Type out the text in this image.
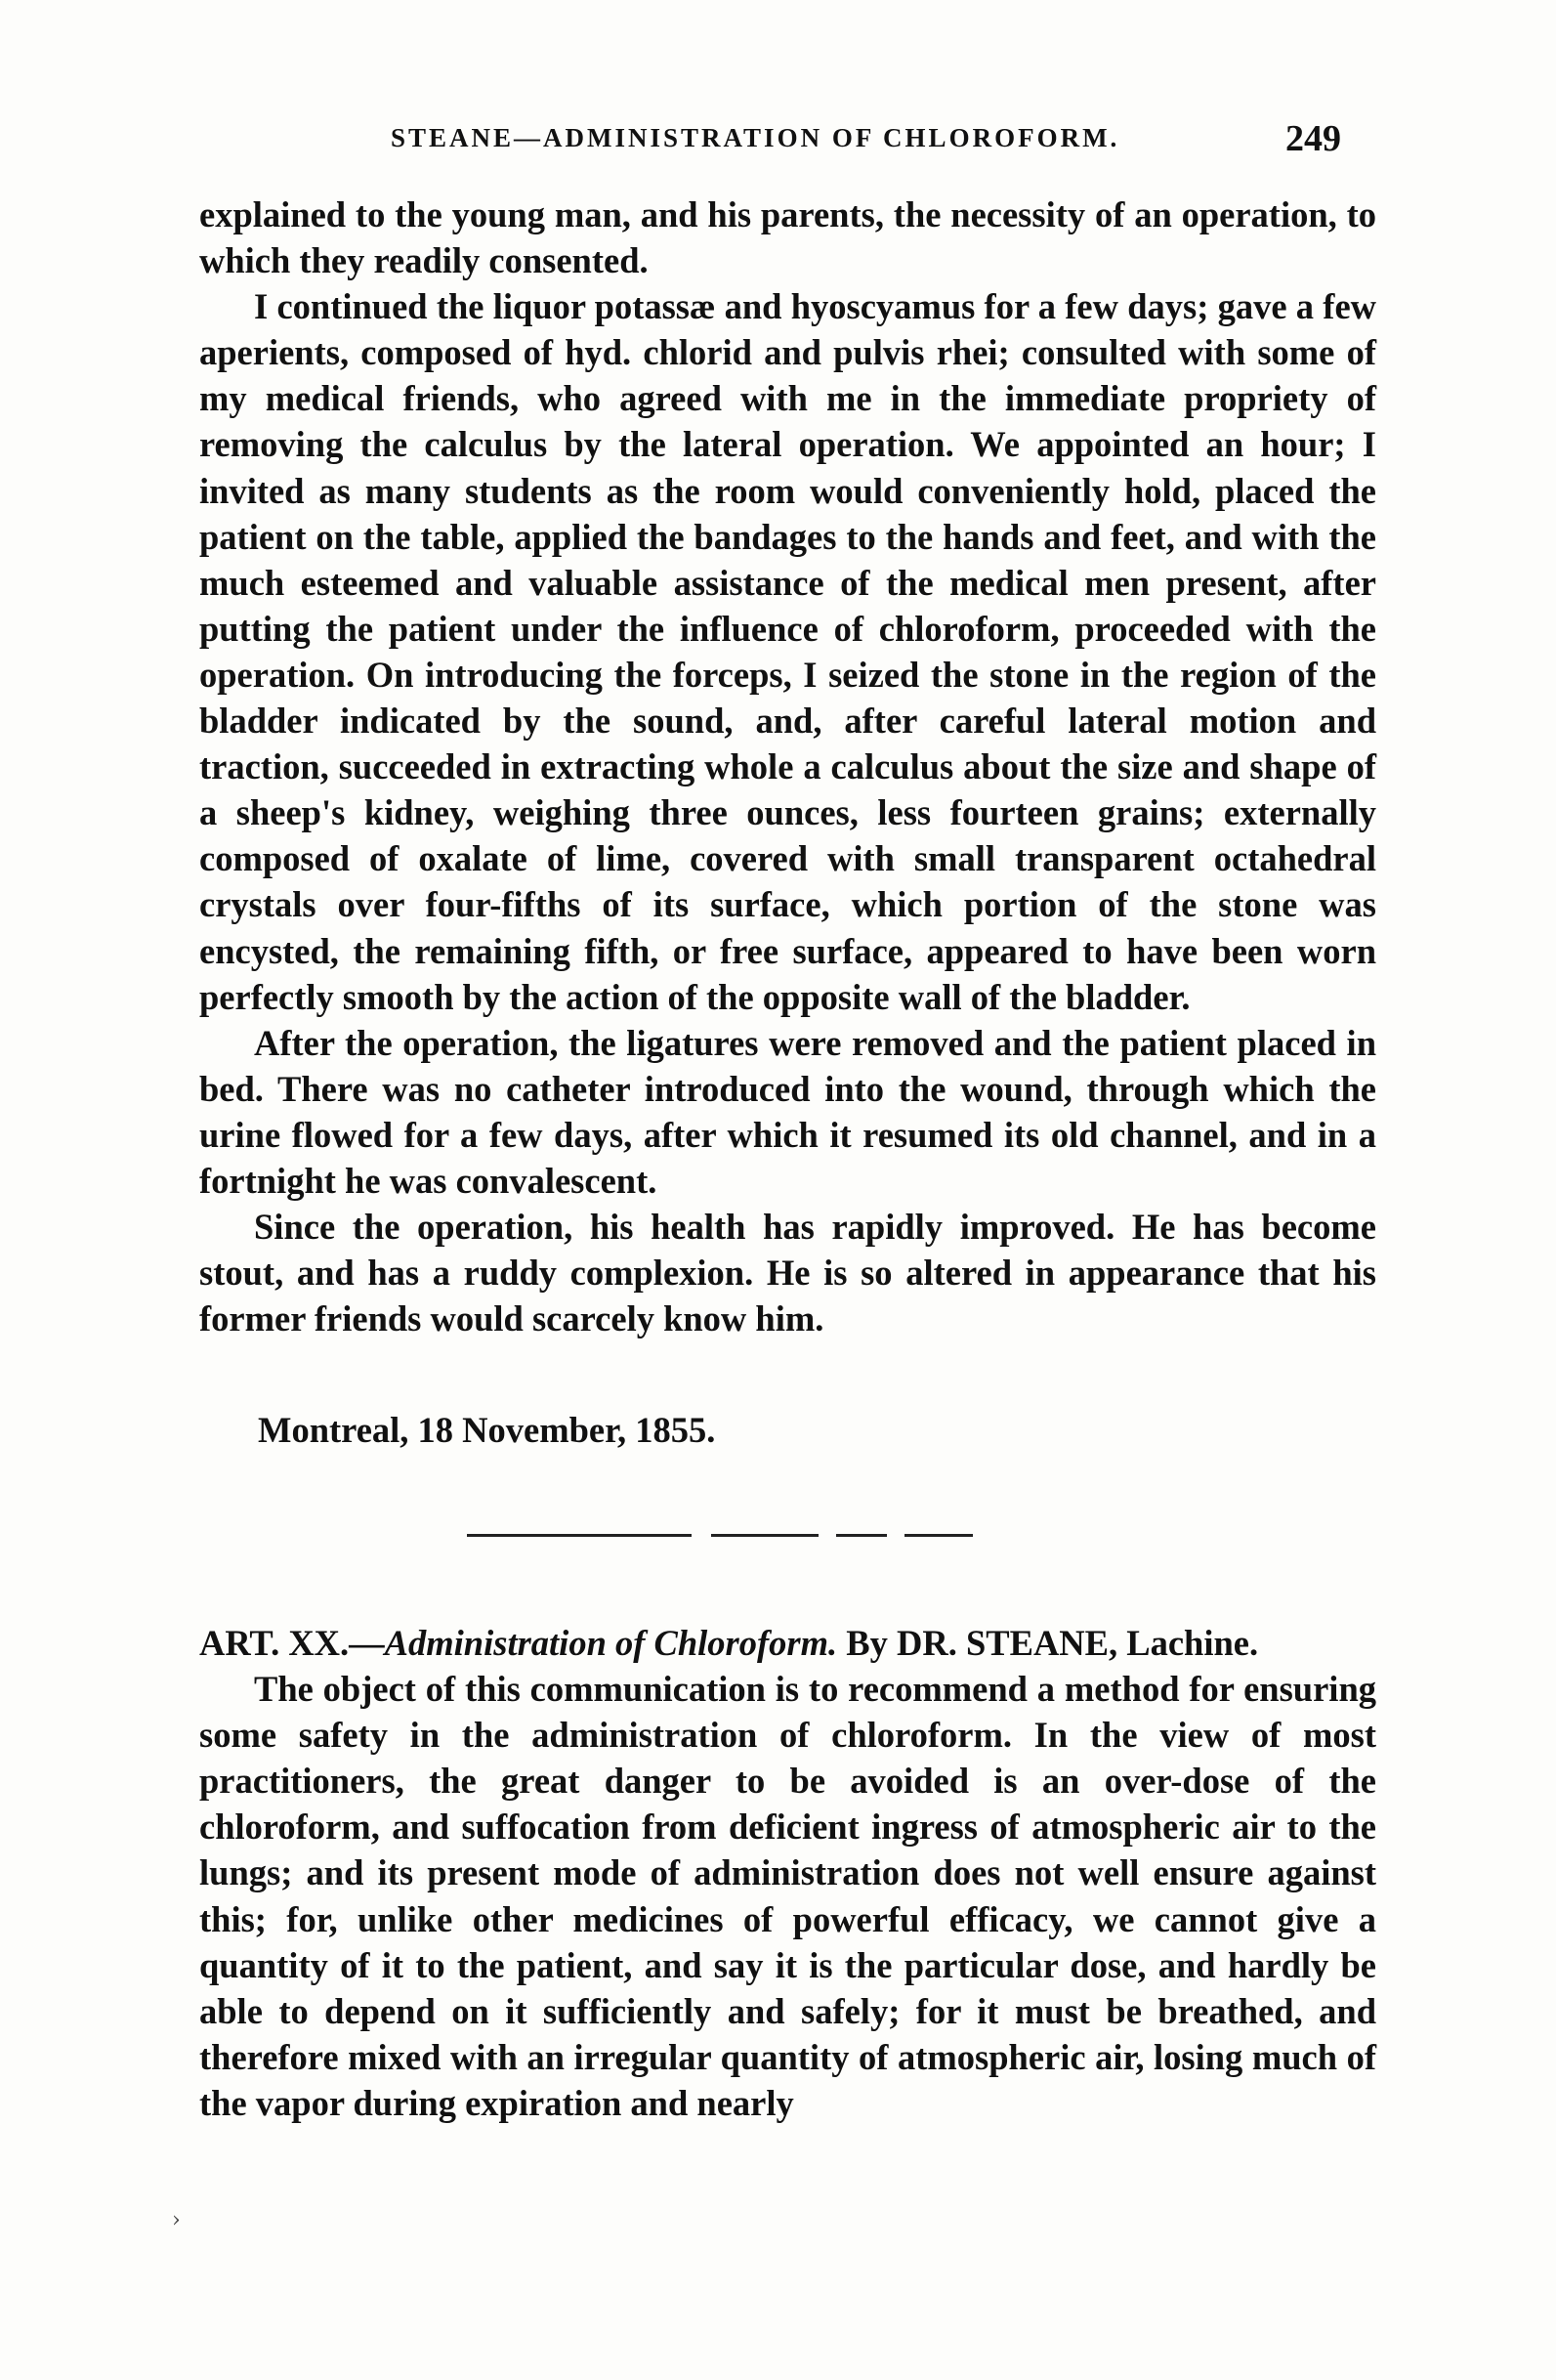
STEANE—ADMINISTRATION OF CHLOROFORM.	249

explained to the young man, and his parents, the necessity of an operation, to which they readily consented.

I continued the liquor potassæ and hyoscyamus for a few days; gave a few aperients, composed of hyd. chlorid and pulvis rhei; consulted with some of my medical friends, who agreed with me in the immediate propriety of removing the calculus by the lateral operation. We appointed an hour; I invited as many students as the room would conveniently hold, placed the patient on the table, applied the bandages to the hands and feet, and with the much esteemed and valuable assistance of the medical men present, after putting the patient under the influence of chloroform, proceeded with the operation. On introducing the forceps, I seized the stone in the region of the bladder indicated by the sound, and, after careful lateral motion and traction, succeeded in extracting whole a calculus about the size and shape of a sheep's kidney, weighing three ounces, less fourteen grains; externally composed of oxalate of lime, covered with small transparent octahedral crystals over four-fifths of its surface, which portion of the stone was encysted, the remaining fifth, or free surface, appeared to have been worn perfectly smooth by the action of the opposite wall of the bladder.

After the operation, the ligatures were removed and the patient placed in bed. There was no catheter introduced into the wound, through which the urine flowed for a few days, after which it resumed its old channel, and in a fortnight he was convalescent.

Since the operation, his health has rapidly improved. He has become stout, and has a ruddy complexion. He is so altered in appearance that his former friends would scarcely know him.

Montreal, 18 November, 1855.

ART. XX.—Administration of Chloroform. By DR. STEANE, Lachine.

The object of this communication is to recommend a method for ensuring some safety in the administration of chloroform. In the view of most practitioners, the great danger to be avoided is an over-dose of the chloroform, and suffocation from deficient ingress of atmospheric air to the lungs; and its present mode of administration does not well ensure against this; for, unlike other medicines of powerful efficacy, we cannot give a quantity of it to the patient, and say it is the particular dose, and hardly be able to depend on it sufficiently and safely; for it must be breathed, and therefore mixed with an irregular quantity of atmospheric air, losing much of the vapor during expiration and nearly

›
